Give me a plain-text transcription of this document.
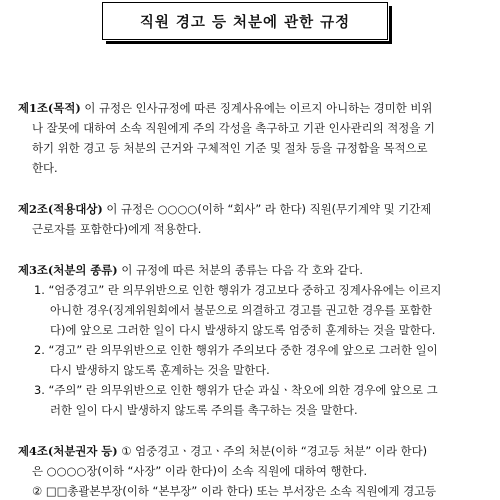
직원 경고 등 처분에 관한 규정
제1조(목적) 이 규정은 인사규정에 따른 징계사유에는 이르지 아니하는 경미한 비위
나 잘못에 대하여 소속 직원에게 주의 각성을 촉구하고 기관 인사관리의 적정을 기
하기 위한 경고 등 처분의 근거와 구체적인 기준 및 절차 등을 규정함을 목적으로
한다.
제2조(적용대상) 이 규정은 ○○○○(이하 “회사” 라 한다) 직원(무기계약 및 기간제
근로자를 포함한다)에게 적용한다.
제3조(처분의 종류) 이 규정에 따른 처분의 종류는 다음 각 호와 같다.
1. “엄중경고” 란 의무위반으로 인한 행위가 경고보다 중하고 징계사유에는 이르지
아니한 경우(징계위원회에서 불문으로 의결하고 경고를 권고한 경우를 포함한
다)에 앞으로 그러한 일이 다시 발생하지 않도록 엄중히 훈계하는 것을 말한다.
2. “경고” 란 의무위반으로 인한 행위가 주의보다 중한 경우에 앞으로 그러한 일이
다시 발생하지 않도록 훈계하는 것을 말한다.
3. “주의” 란 의무위반으로 인한 행위가 단순 과실ㆍ착오에 의한 경우에 앞으로 그
러한 일이 다시 발생하지 않도록 주의를 촉구하는 것을 말한다.
제4조(처분권자 등) ① 엄중경고ㆍ경고ㆍ주의 처분(이하 “경고등 처분” 이라 한다)
은 ○○○○장(이하 “사장” 이라 한다)이 소속 직원에 대하여 행한다.
② □□총괄본부장(이하 “본부장” 이라 한다) 또는 부서장은 소속 직원에게 경고등
